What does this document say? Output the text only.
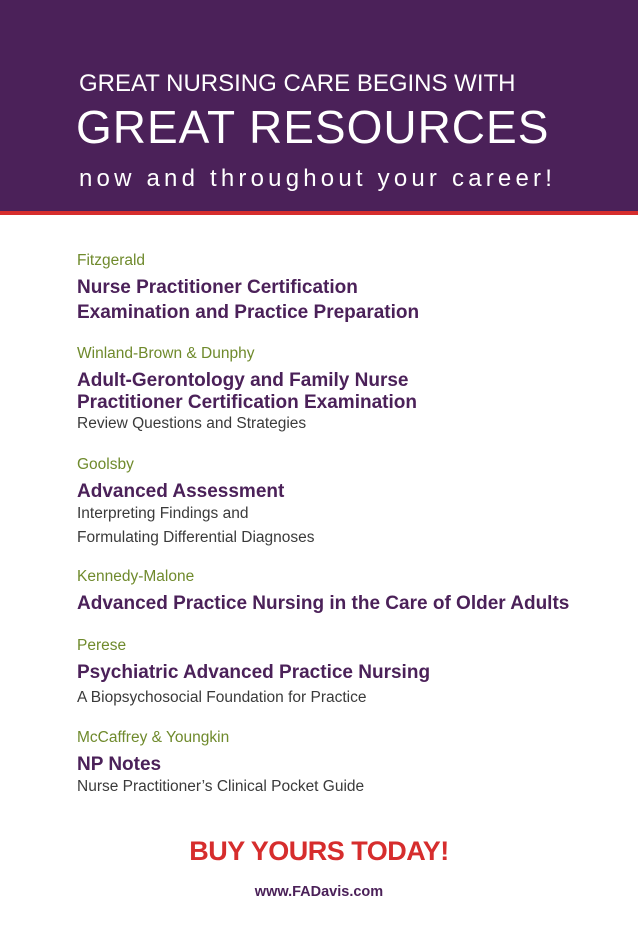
GREAT NURSING CARE BEGINS WITH
GREAT RESOURCES
now and throughout your career!
Fitzgerald
Nurse Practitioner Certification
Examination and Practice Preparation
Winland-Brown & Dunphy
Adult-Gerontology and Family Nurse
Practitioner Certification Examination
Review Questions and Strategies
Goolsby
Advanced Assessment
Interpreting Findings and
Formulating Differential Diagnoses
Kennedy-Malone
Advanced Practice Nursing in the Care of Older Adults
Perese
Psychiatric Advanced Practice Nursing
A Biopsychosocial Foundation for Practice
McCaffrey & Youngkin
NP Notes
Nurse Practitioner’s Clinical Pocket Guide
BUY YOURS TODAY!
www.FADavis.com
